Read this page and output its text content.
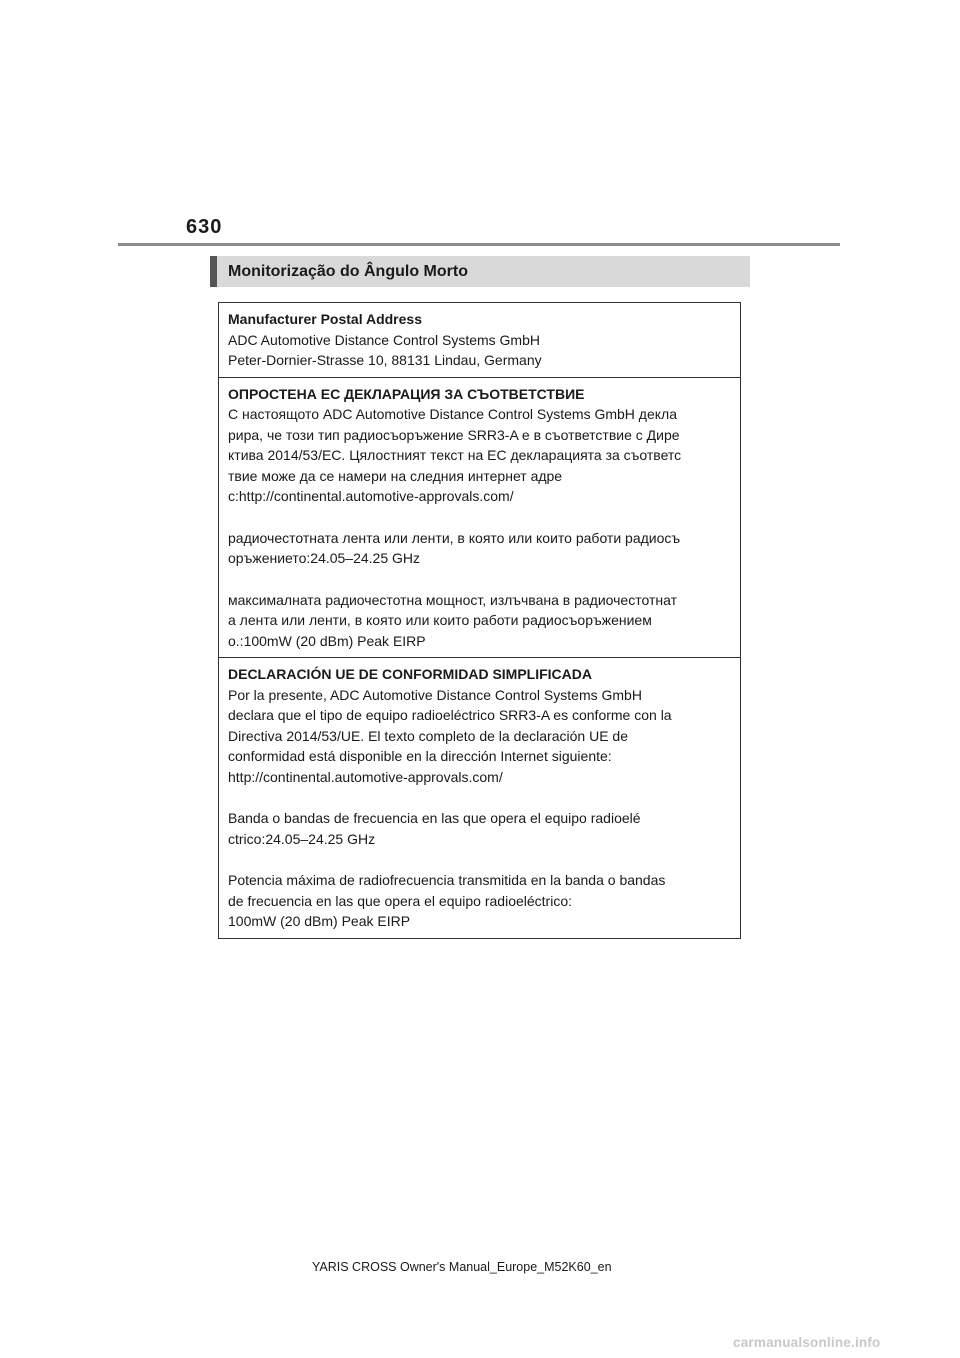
630
Monitorização do Ângulo Morto
Manufacturer Postal Address
ADC Automotive Distance Control Systems GmbH
Peter-Dornier-Strasse 10, 88131 Lindau, Germany
ОПРОСТЕНА ЕС ДЕКЛАРАЦИЯ ЗА СЪОТВЕТСТВИЕ
С настоящото ADC Automotive Distance Control Systems GmbH декла
рира, че този тип радиосъоръжение SRR3-A е в съответствие с Дире
ктива 2014/53/ЕС. Цялостният текст на ЕС декларацията за съответс
твие може да се намери на следния интернет адре
с:http://continental.automotive-approvals.com/
радиочестотната лента или ленти, в която или които работи радиосъ
оръжението:24.05–24.25 GHz
максималната радиочестотна мощност, излъчвана в радиочестотнат
а лента или ленти, в която или които работи радиосъоръжением
о.:100mW (20 dBm) Peak EIRP
DECLARACIÓN UE DE CONFORMIDAD SIMPLIFICADA
Por la presente, ADC Automotive Distance Control Systems GmbH
declara que el tipo de equipo radioeléctrico SRR3-A es conforme con la
Directiva 2014/53/UE. El texto completo de la declaración UE de
conformidad está disponible en la dirección Internet siguiente:
http://continental.automotive-approvals.com/
Banda o bandas de frecuencia en las que opera el equipo radioelé
ctrico:24.05–24.25 GHz
Potencia máxima de radiofrecuencia transmitida en la banda o bandas
de frecuencia en las que opera el equipo radioeléctrico:
100mW (20 dBm) Peak EIRP
YARIS CROSS Owner's Manual_Europe_M52K60_en
carmanualsonline.info
